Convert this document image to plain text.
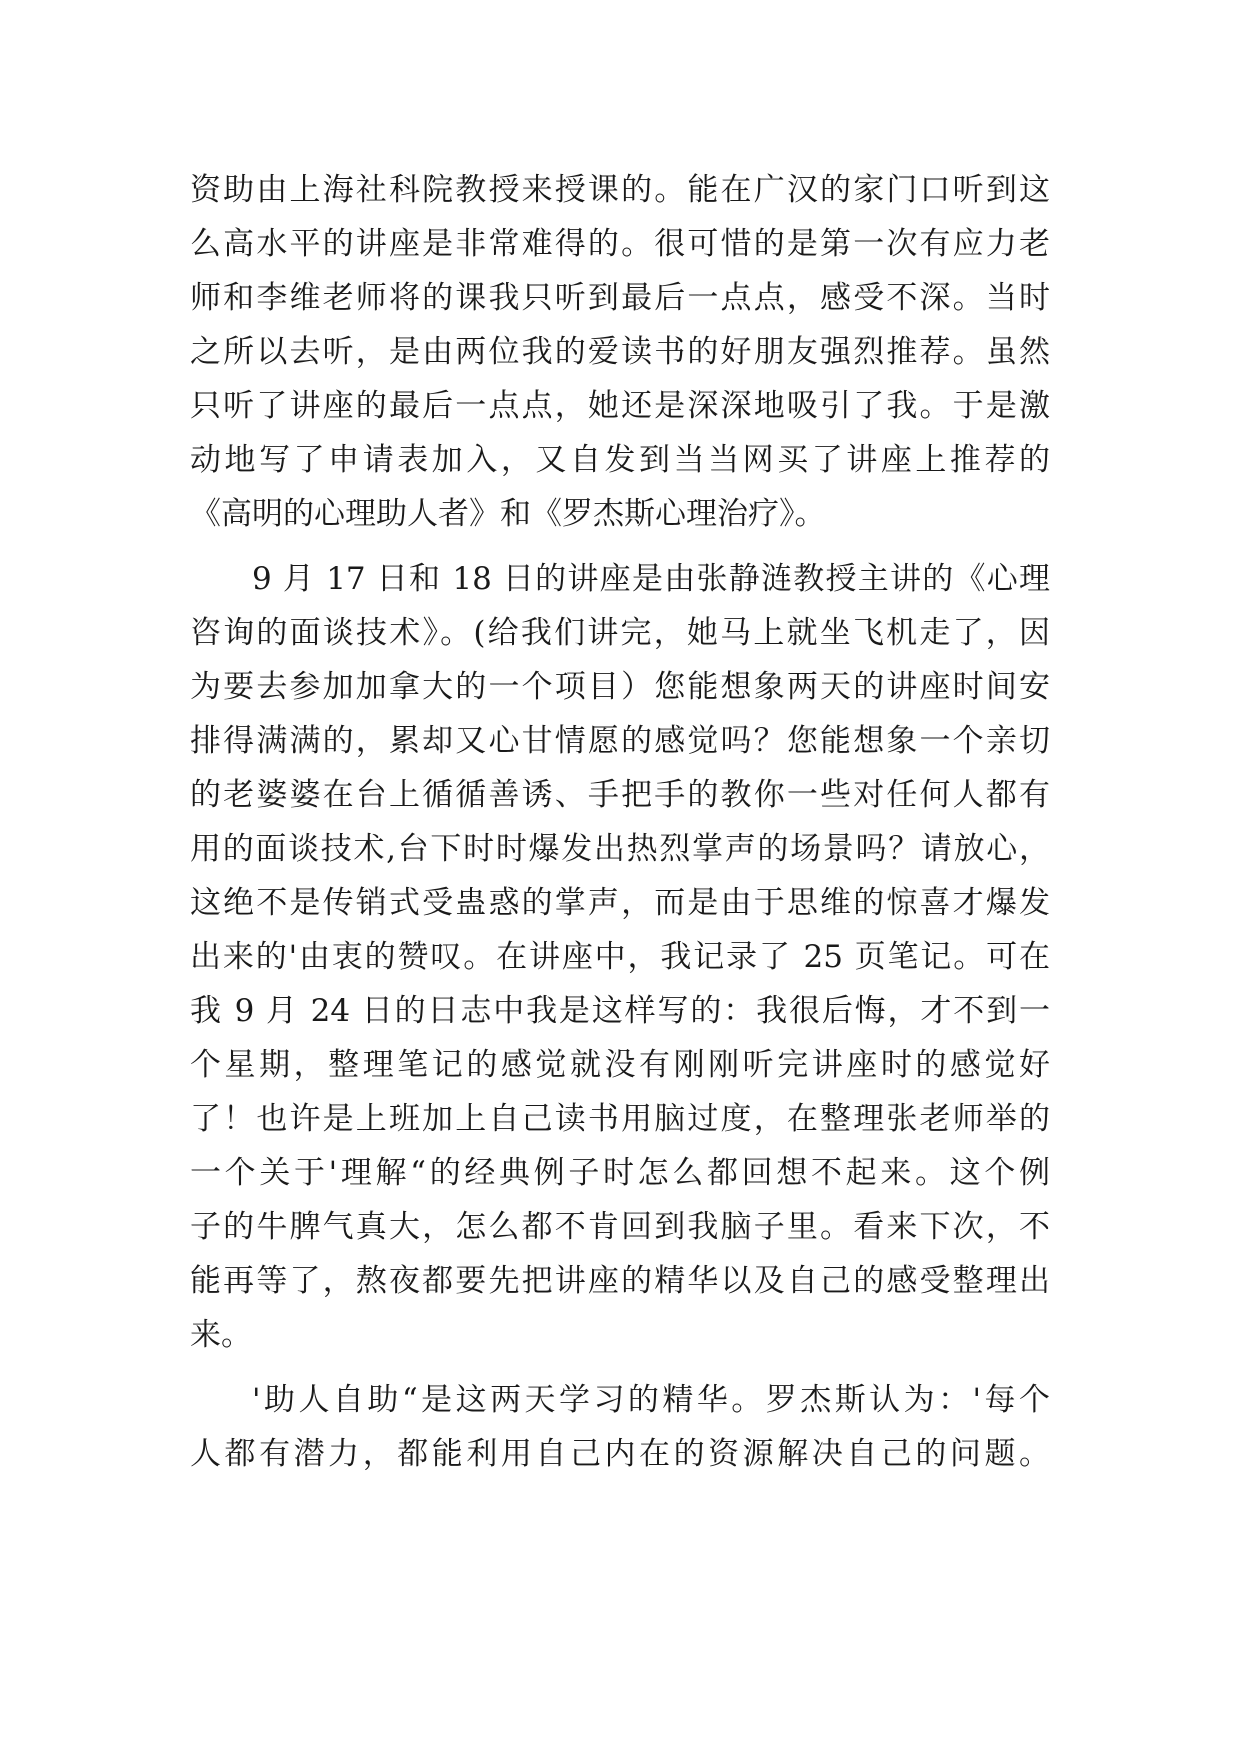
资助由上海社科院教授来授课的。能在广汉的家门口听到这
么高水平的讲座是非常难得的。很可惜的是第一次有应力老
师和李维老师将的课我只听到最后一点点，感受不深。当时
之所以去听，是由两位我的爱读书的好朋友强烈推荐。虽然
只听了讲座的最后一点点，她还是深深地吸引了我。于是激
动地写了申请表加入，又自发到当当网买了讲座上推荐的
《高明的心理助人者》和《罗杰斯心理治疗》。
9 月 17 日和 18 日的讲座是由张静涟教授主讲的《心理
咨询的面谈技术》。(给我们讲完，她马上就坐飞机走了，因
为要去参加加拿大的一个项目）您能想象两天的讲座时间安
排得满满的，累却又心甘情愿的感觉吗？您能想象一个亲切
的老婆婆在台上循循善诱、手把手的教你一些对任何人都有
用的面谈技术,台下时时爆发出热烈掌声的场景吗？请放心，
这绝不是传销式受蛊惑的掌声，而是由于思维的惊喜才爆发
出来的'由衷的赞叹。在讲座中，我记录了 25 页笔记。可在
我 9 月 24 日的日志中我是这样写的：我很后悔，才不到一
个星期，整理笔记的感觉就没有刚刚听完讲座时的感觉好
了！也许是上班加上自己读书用脑过度，在整理张老师举的
一个关于'理解“的经典例子时怎么都回想不起来。这个例
子的牛脾气真大，怎么都不肯回到我脑子里。看来下次，不
能再等了，熬夜都要先把讲座的精华以及自己的感受整理出
来。
'助人自助“是这两天学习的精华。罗杰斯认为：'每个
人都有潜力，都能利用自己内在的资源解决自己的问题。
